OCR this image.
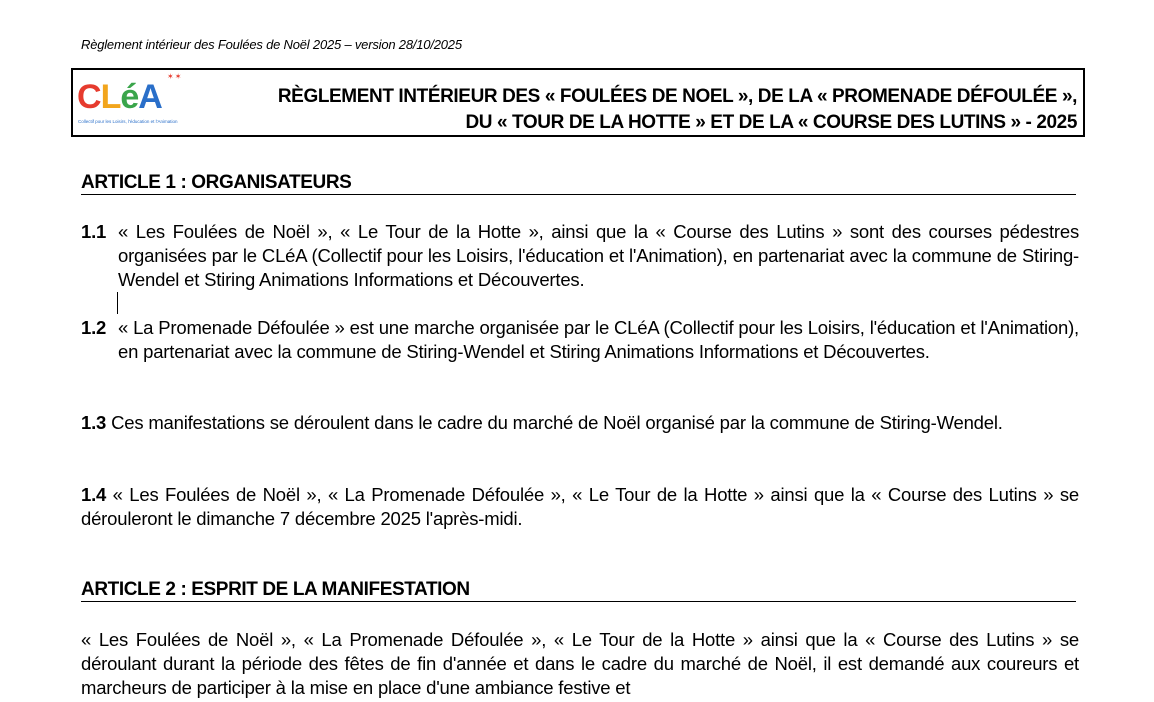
Règlement intérieur des Foulées de Noël 2025 – version 28/10/2025
✶✶
CLéA
Collectif pour les Loisirs, l'éducation et l'Animation
RÈGLEMENT INTÉRIEUR DES « FOULÉES DE NOEL », DE LA « PROMENADE DÉFOULÉE »,
DU « TOUR DE LA HOTTE » ET DE LA « COURSE DES LUTINS » - 2025
ARTICLE 1 : ORGANISATEURS
1.1 « Les Foulées de Noël », « Le Tour de la Hotte », ainsi que la « Course des Lutins » sont des courses pédestres organisées par le CLéA (Collectif pour les Loisirs, l'éducation et l'Animation), en partenariat avec la commune de Stiring-Wendel et Stiring Animations Informations et Découvertes.
1.2 « La Promenade Défoulée » est une marche organisée par le CLéA (Collectif pour les Loisirs, l'éducation et l'Animation), en partenariat avec la commune de Stiring-Wendel et Stiring Animations Informations et Découvertes.
1.3 Ces manifestations se déroulent dans le cadre du marché de Noël organisé par la commune de Stiring-Wendel.
1.4 « Les Foulées de Noël », « La Promenade Défoulée », « Le Tour de la Hotte » ainsi que la « Course des Lutins » se dérouleront le dimanche 7 décembre 2025 l'après-midi.
ARTICLE 2 : ESPRIT DE LA MANIFESTATION
« Les Foulées de Noël », « La Promenade Défoulée », « Le Tour de la Hotte » ainsi que la « Course des Lutins » se déroulant durant la période des fêtes de fin d'année et dans le cadre du marché de Noël, il est demandé aux coureurs et marcheurs de participer à la mise en place d'une ambiance festive et
